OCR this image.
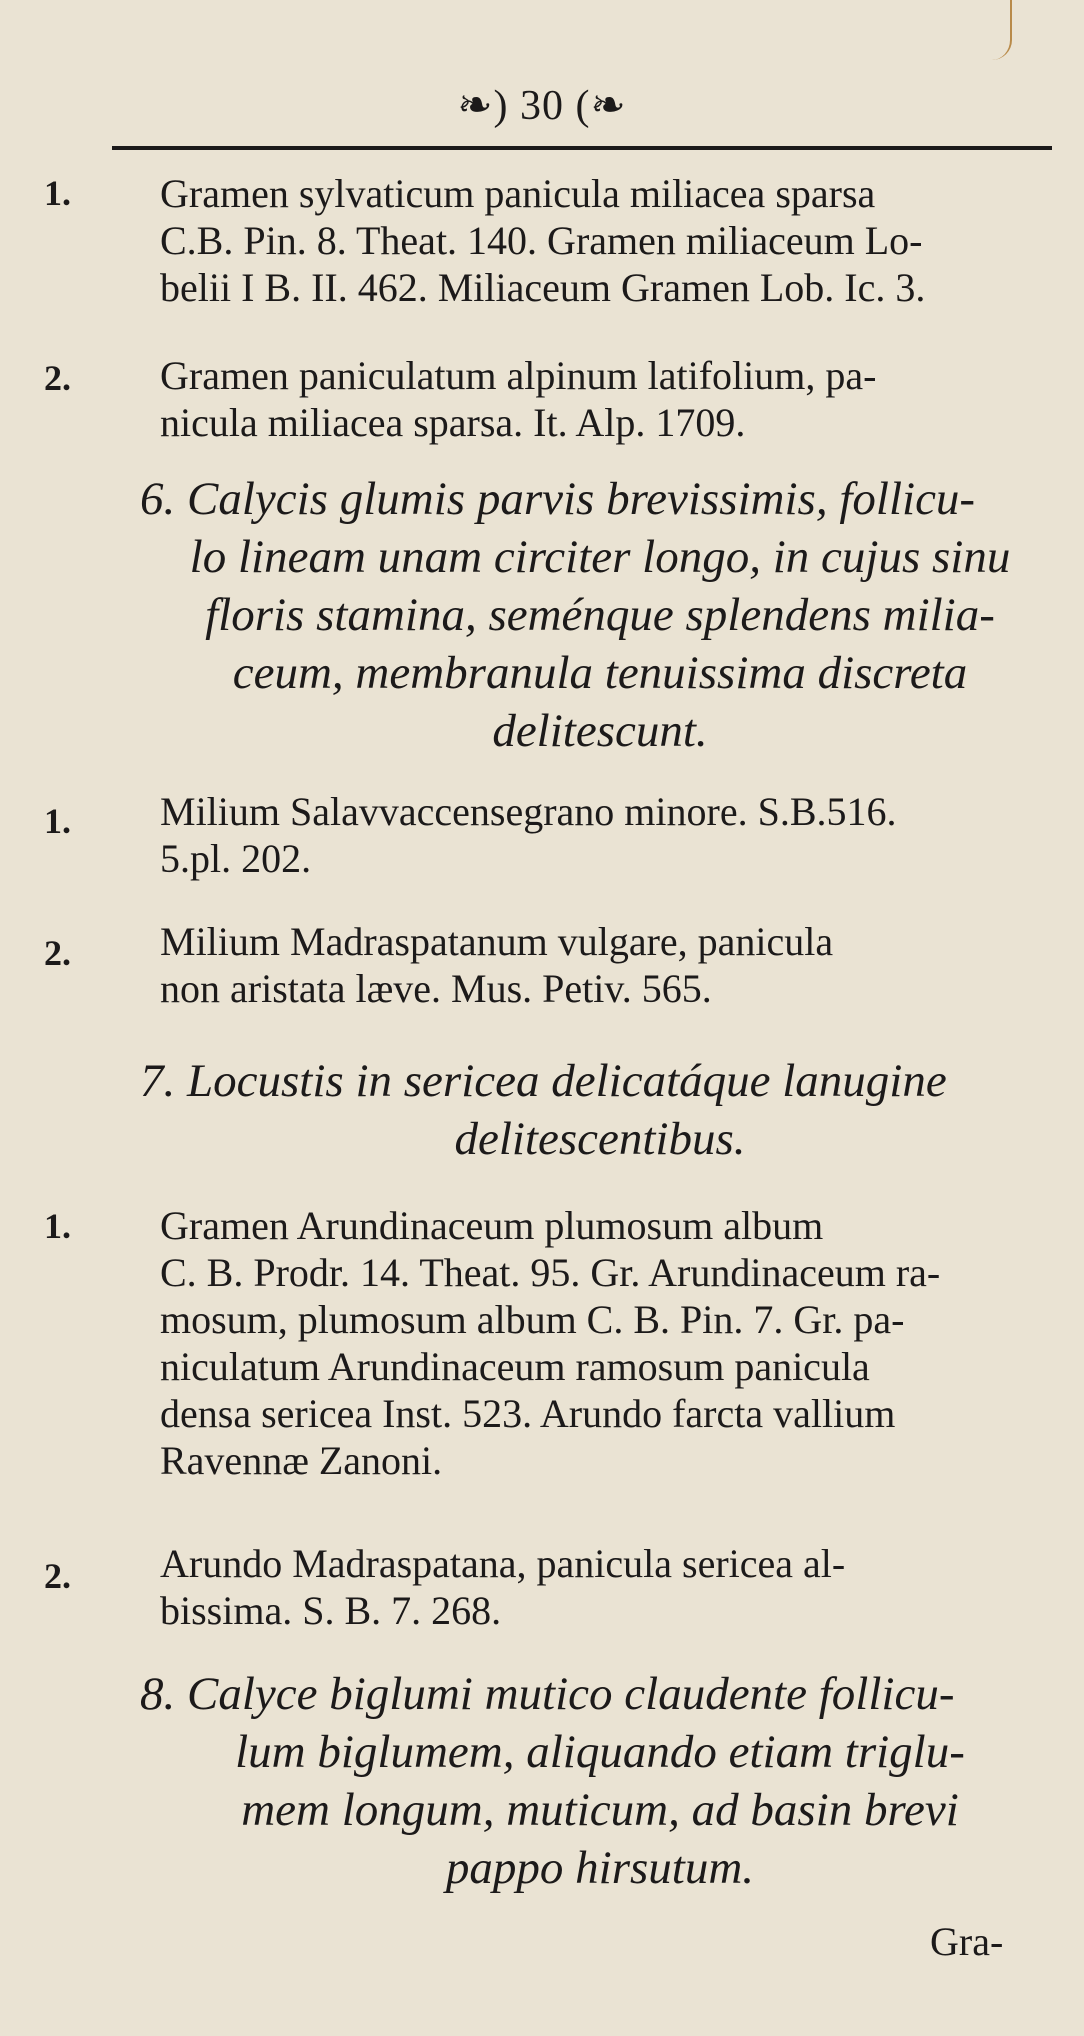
❧) 30 (❧
1. Gramen sylvaticum panicula miliacea sparsa
C.B. Pin. 8. Theat. 140. Gramen miliaceum Lo-
belii I B. II. 462. Miliaceum Gramen Lob. Ic. 3.

2. Gramen paniculatum alpinum latifolium, pa-
nicula miliacea sparsa. It. Alp. 1709.

6. Calycis glumis parvis brevissimis, follicu-
lo lineam unam circiter longo, in cujus sinu
floris stamina, seménque splendens milia-
ceum, membranula tenuissima discreta
delitescunt.

1. Milium Salavvaccensegrano minore. S.B.516.
5.pl. 202.

2. Milium Madraspatanum vulgare, panicula
non aristata læve. Mus. Petiv. 565.

7. Locustis in sericea delicatáque lanugine
delitescentibus.

1. Gramen Arundinaceum plumosum album
C. B. Prodr. 14. Theat. 95. Gr. Arundinaceum ra-
mosum, plumosum album C. B. Pin. 7. Gr. pa-
niculatum Arundinaceum ramosum panicula
densa sericea Inst. 523. Arundo farcta vallium
Ravennæ Zanoni.

2. Arundo Madraspatana, panicula sericea al-
bissima. S. B. 7. 268.

8. Calyce biglumi mutico claudente follicu-
lum biglumem, aliquando etiam triglu-
mem longum, muticum, ad basin brevi
pappo hirsutum.

Gra-
